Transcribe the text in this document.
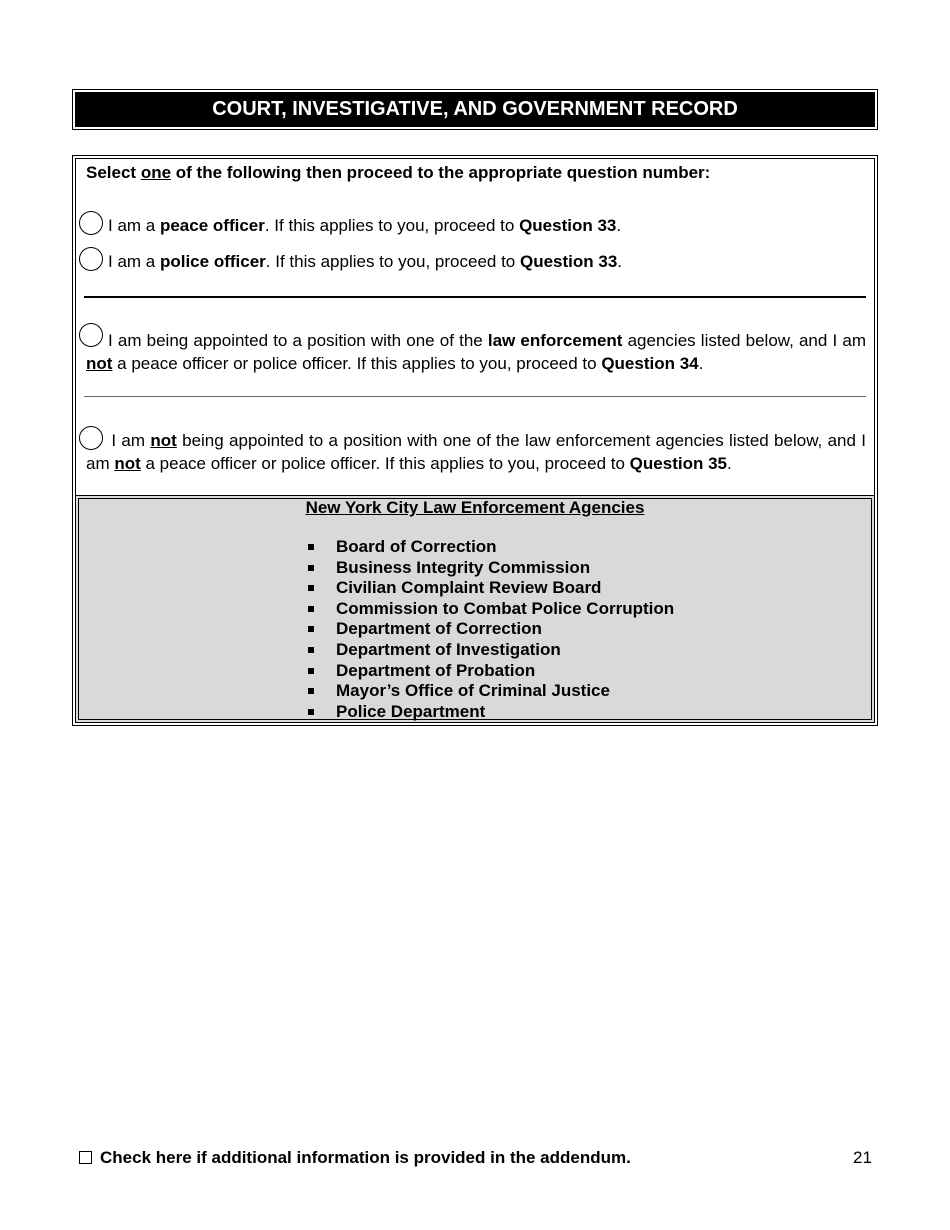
COURT, INVESTIGATIVE, AND GOVERNMENT RECORD
Select one of the following then proceed to the appropriate question number:
I am a peace officer. If this applies to you, proceed to Question 33.
I am a police officer. If this applies to you, proceed to Question 33.
I am being appointed to a position with one of the law enforcement agencies listed below, and I am not a peace officer or police officer. If this applies to you, proceed to Question 34.
I am not being appointed to a position with one of the law enforcement agencies listed below, and I am not a peace officer or police officer. If this applies to you, proceed to Question 35.
New York City Law Enforcement Agencies
Board of Correction
Business Integrity Commission
Civilian Complaint Review Board
Commission to Combat Police Corruption
Department of Correction
Department of Investigation
Department of Probation
Mayor’s Office of Criminal Justice
Police Department
Check here if additional information is provided in the addendum.	21
